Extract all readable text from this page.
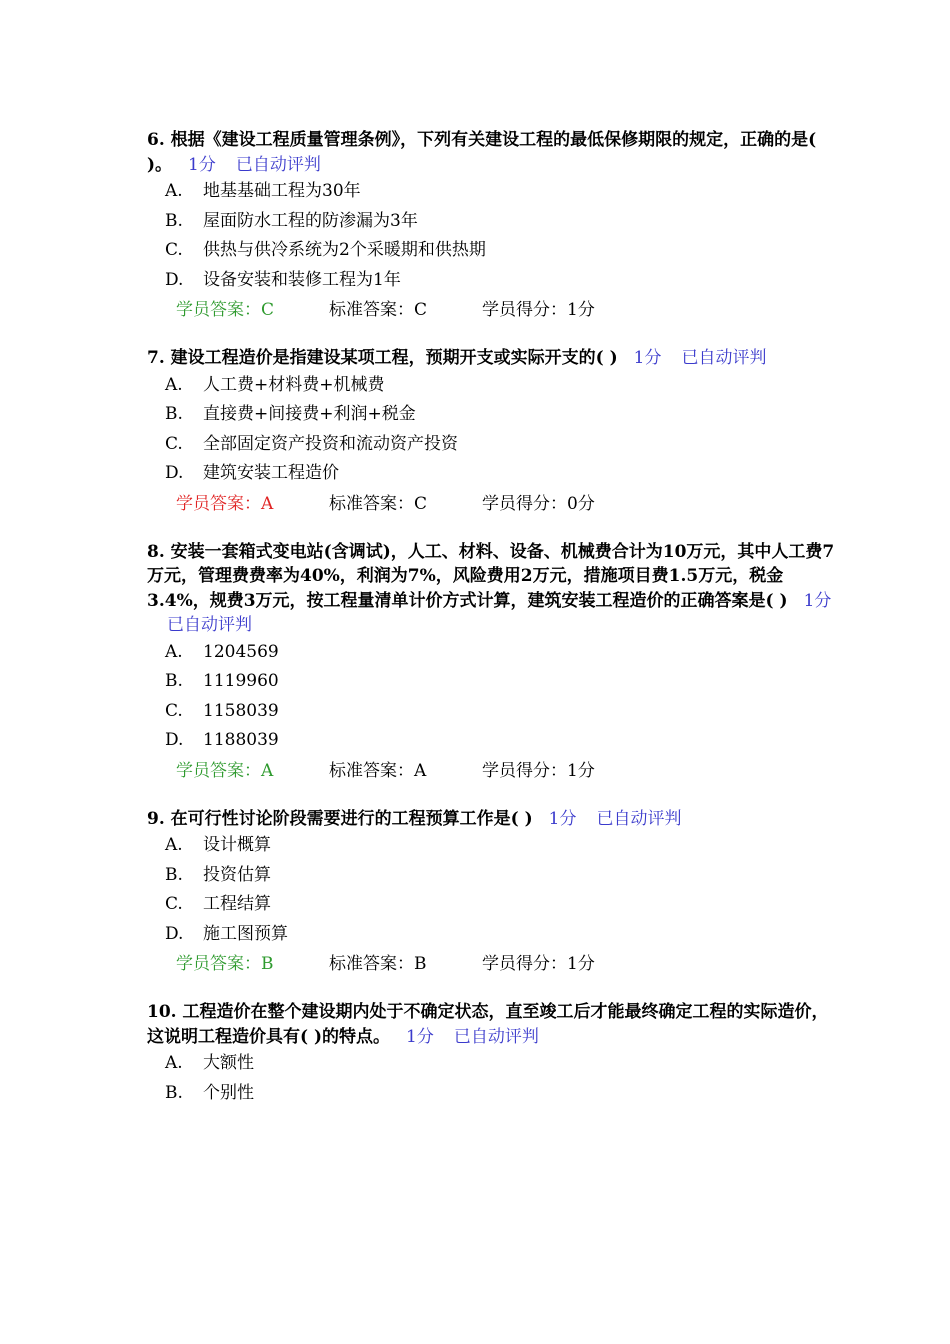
6. 根据《建设工程质量管理条例》，下列有关建设工程的最低保修期限的规定，正确的是( )。 1分 已自动评判
A.	地基基础工程为30年
B.	屋面防水工程的防渗漏为3年
C.	供热与供冷系统为2个采暖期和供热期
D.	设备安装和装修工程为1年
学员答案：C	标准答案：C	学员得分：1分
7. 建设工程造价是指建设某项工程，预期开支或实际开支的( ) 1分 已自动评判
A.	人工费+材料费+机械费
B.	直接费+间接费+利润+税金
C.	全部固定资产投资和流动资产投资
D.	建筑安装工程造价
学员答案：A	标准答案：C	学员得分：0分
8. 安装一套箱式变电站(含调试)，人工、材料、设备、机械费合计为10万元，其中人工费7万元，管理费费率为40%，利润为7%，风险费用2万元，措施项目费1.5万元，税金3.4%，规费3万元，按工程量清单计价方式计算，建筑安装工程造价的正确答案是( ) 1分已自动评判
A.	1204569
B.	1119960
C.	1158039
D.	1188039
学员答案：A	标准答案：A	学员得分：1分
9. 在可行性讨论阶段需要进行的工程预算工作是( ) 1分 已自动评判
A.	设计概算
B.	投资估算
C.	工程结算
D.	施工图预算
学员答案：B	标准答案：B	学员得分：1分
10. 工程造价在整个建设期内处于不确定状态，直至竣工后才能最终确定工程的实际造价，这说明工程造价具有( )的特点。 1分 已自动评判
A.	大额性
B.	个别性
